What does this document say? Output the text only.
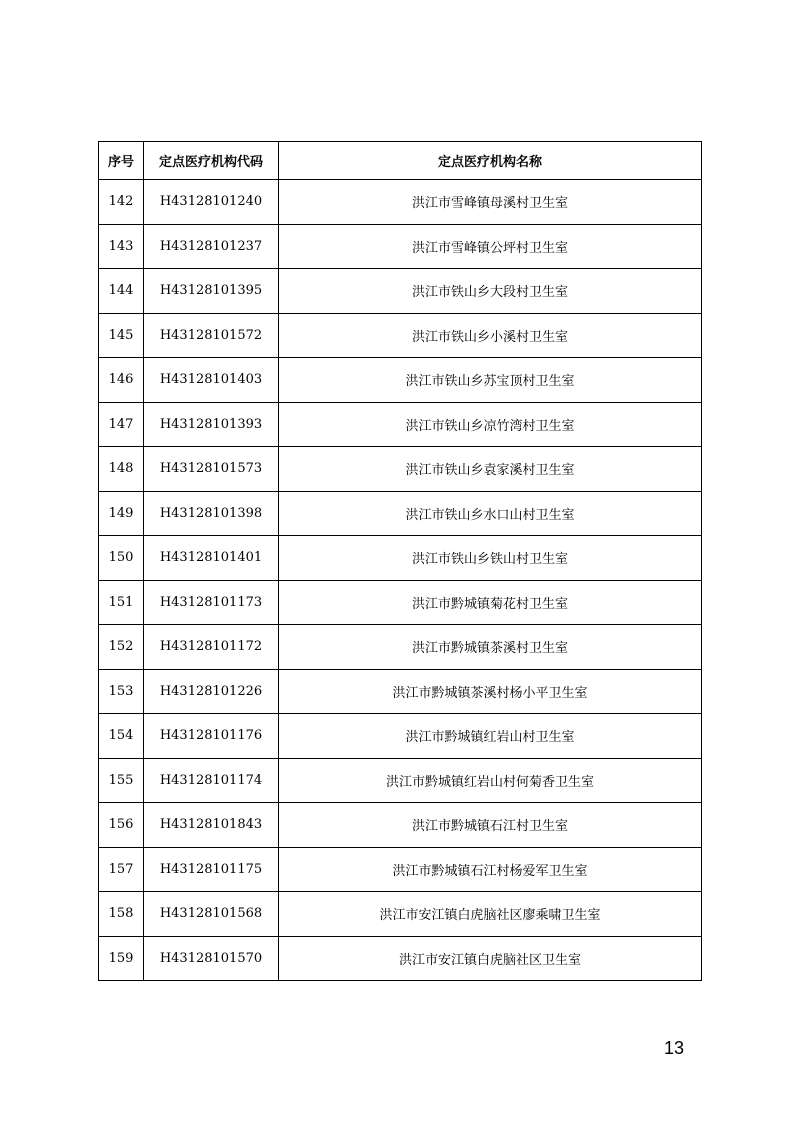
序号	定点医疗机构代码	定点医疗机构名称
142	H43128101240	洪江市雪峰镇母溪村卫生室
143	H43128101237	洪江市雪峰镇公坪村卫生室
144	H43128101395	洪江市铁山乡大段村卫生室
145	H43128101572	洪江市铁山乡小溪村卫生室
146	H43128101403	洪江市铁山乡苏宝顶村卫生室
147	H43128101393	洪江市铁山乡凉竹湾村卫生室
148	H43128101573	洪江市铁山乡袁家溪村卫生室
149	H43128101398	洪江市铁山乡水口山村卫生室
150	H43128101401	洪江市铁山乡铁山村卫生室
151	H43128101173	洪江市黔城镇菊花村卫生室
152	H43128101172	洪江市黔城镇茶溪村卫生室
153	H43128101226	洪江市黔城镇茶溪村杨小平卫生室
154	H43128101176	洪江市黔城镇红岩山村卫生室
155	H43128101174	洪江市黔城镇红岩山村何菊香卫生室
156	H43128101843	洪江市黔城镇石江村卫生室
157	H43128101175	洪江市黔城镇石江村杨爱军卫生室
158	H43128101568	洪江市安江镇白虎脑社区廖乘啸卫生室
159	H43128101570	洪江市安江镇白虎脑社区卫生室
13
